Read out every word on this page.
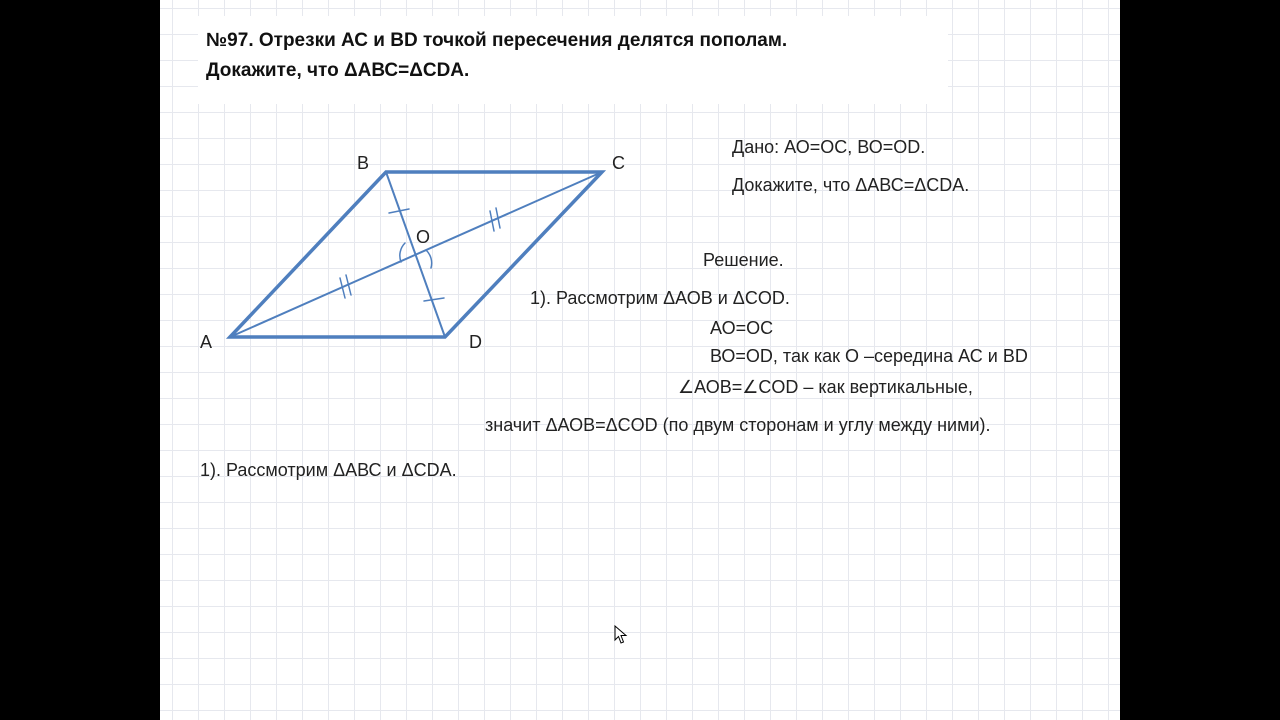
№97. Отрезки АС и BD точкой пересечения делятся пополам.
Докажите, что ΔАВС=ΔCDA.
A
B	C
D
O
Дано: АО=ОС, ВО=OD.
Докажите, что ΔАВС=ΔCDA.
Решение.
1). Рассмотрим ΔАОВ и ΔCOD.
АО=ОС
ВО=OD, так как О –середина АС и BD
∠АОВ=∠COD – как вертикальные,
значит ΔАОВ=ΔCOD (по двум сторонам и углу между ними).
1). Рассмотрим ΔАВС и ΔCDA.
